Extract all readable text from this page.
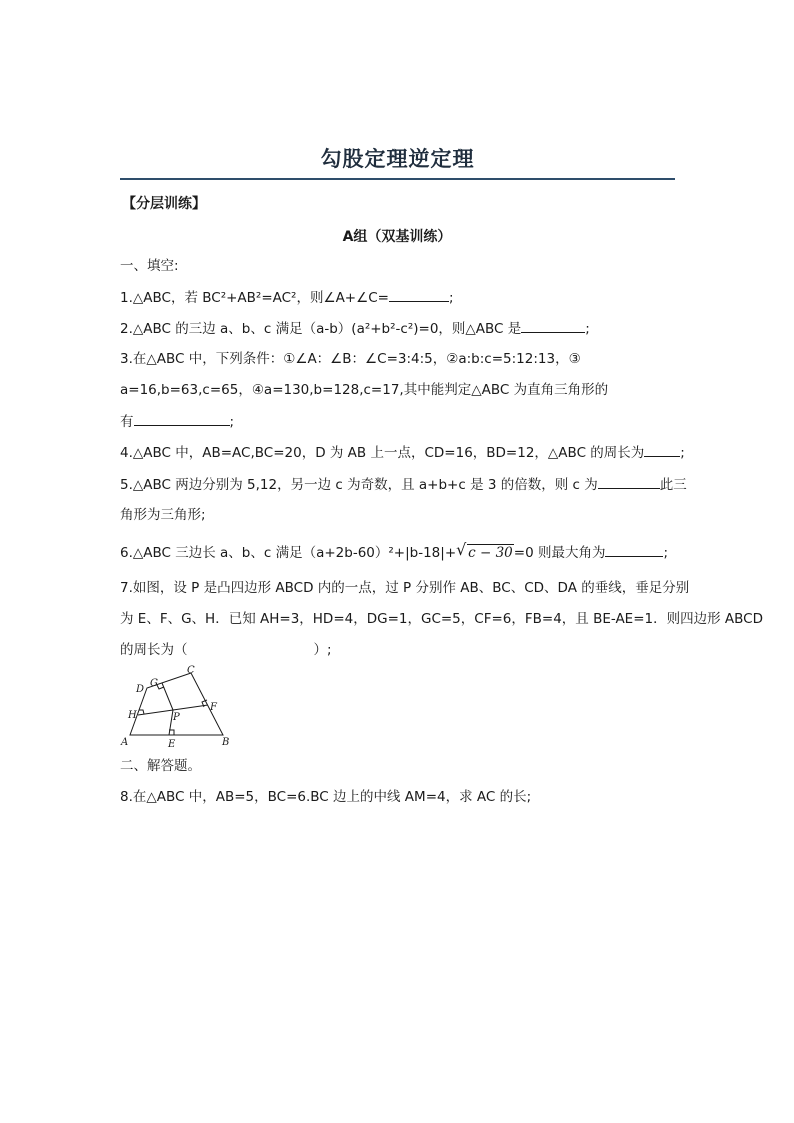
勾股定理逆定理
【分层训练】
A组（双基训练）
一、填空:
1.△ABC，若 BC²+AB²=AC²，则∠A+∠C=	;
2.△ABC 的三边 a、b、c 满足（a-b）(a²+b²-c²)=0，则△ABC 是	;
3.在△ABC 中，下列条件：①∠A：∠B：∠C=3:4:5，②a:b:c=5:12:13，③
a=16,b=63,c=65，④a=130,b=128,c=17,其中能判定△ABC 为直角三角形的
有	;
4.△ABC 中，AB=AC,BC=20，D 为 AB 上一点，CD=16，BD=12，△ABC 的周长为	;
5.△ABC 两边分别为 5,12，另一边 c 为奇数，且 a+b+c 是 3 的倍数，则 c 为	此三
角形为三角形;
6.△ABC 三边长 a、b、c 满足（a+2b-60）²+|b-18|+ √ c − 30=0 则最大角为	;
7.如图，设 P 是凸四边形 ABCD 内的一点，过 P 分别作 AB、BC、CD、DA 的垂线，垂足分别
为 E、F、G、H．已知 AH=3，HD=4，DG=1，GC=5，CF=6，FB=4，且 BE-AE=1．则四边形 ABCD
的周长为（	）;
A	B
C
D
E
F
G
H	P
二、解答题。
8.在△ABC 中，AB=5，BC=6.BC 边上的中线 AM=4，求 AC 的长;
